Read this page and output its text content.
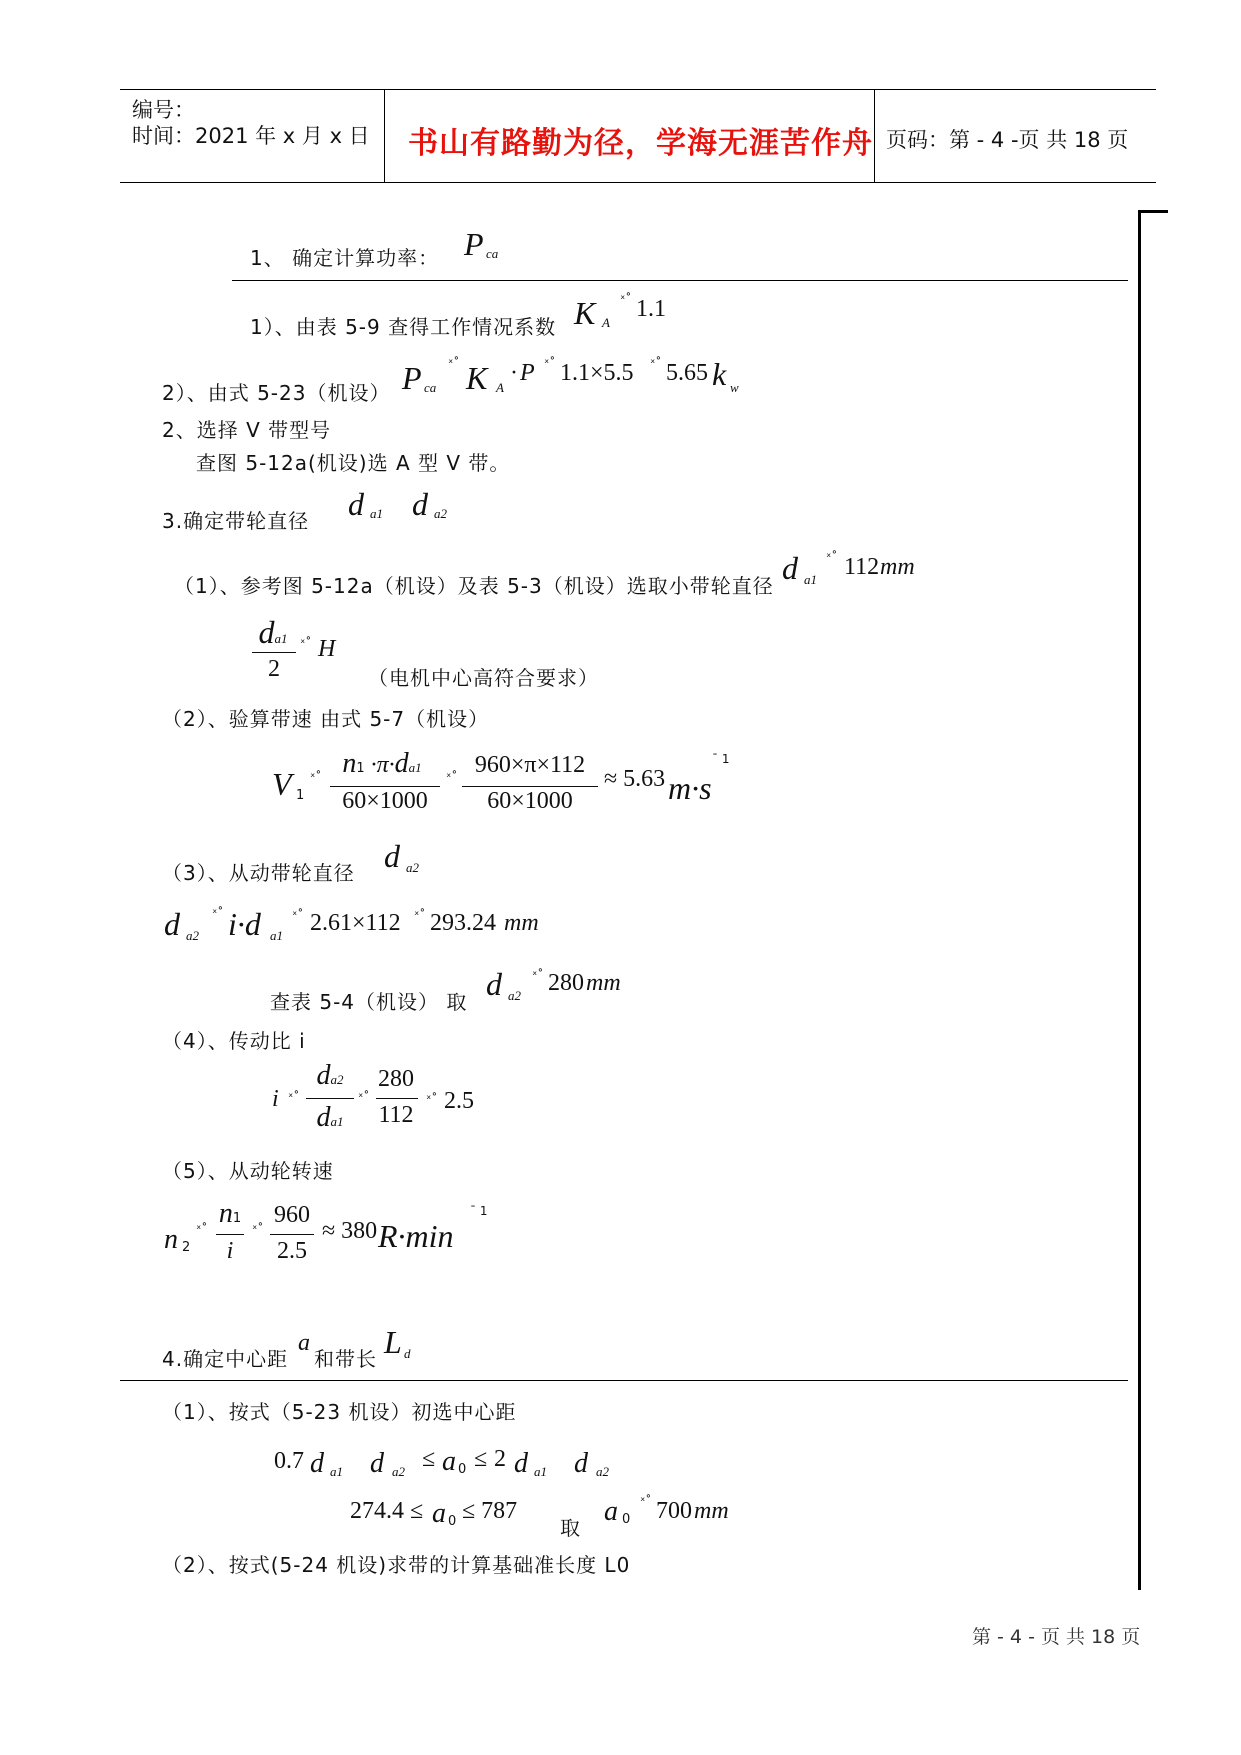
编号：
时间：2021 年 x 月 x 日 书山有路勤为径，学海无涯苦作舟 页码：第 - 4 -页 共 18 页
1、 确定计算功率： P ca
1）、由表 5-9 查得工作情况系数 K A
ˣ˚ 1.1
2）、由式 5-23（机设） P ca
ˣ˚ K A
· P ˣ˚ 1.1×5.5 ˣ˚ 5.65 k w
2、选择 V 带型号
查图 5-12a(机设)选 A 型 V 带。
3.确定带轮直径 d a1 d a2
（1）、参考图 5-12a（机设）及表 5-3（机设）选取小带轮直径 d a1
ˣ˚ 112 mm
da1
2
ˣ˚ H
（电机中心高符合要求）
（2）、验算带速 由式 5-7（机设）
V 1
ˣ˚ n1 ·π·da1
60×1000
ˣ˚ 960×π×112
60×1000
≈ 5.63 m·s
ˉ 1
（3）、从动带轮直径 d a2
d a2
ˣ˚ i·d a1
ˣ˚ 2.61×112 ˣ˚ 293.24 mm
查表 5-4（机设） 取 d a2
ˣ˚ 280 mm
（4）、传动比 i
i ˣ˚
da2
da1
ˣ˚
280
112
ˣ˚ 2.5
（5）、从动轮转速
n 2
ˣ˚ n1
i
ˣ˚
960
2.5
≈ 380 R·min
ˉ 1
4.确定中心距
a
和带长 L d
（1）、按式（5-23 机设）初选中心距
0.7 d a1 d a2 ≤ a 0 ≤ 2 d a1 d a2
274.4 ≤ a 0 ≤ 787
取
a 0
ˣ˚ 700 mm
（2）、按式(5-24 机设)求带的计算基础准长度 L0
第 - 4 - 页 共 18 页
